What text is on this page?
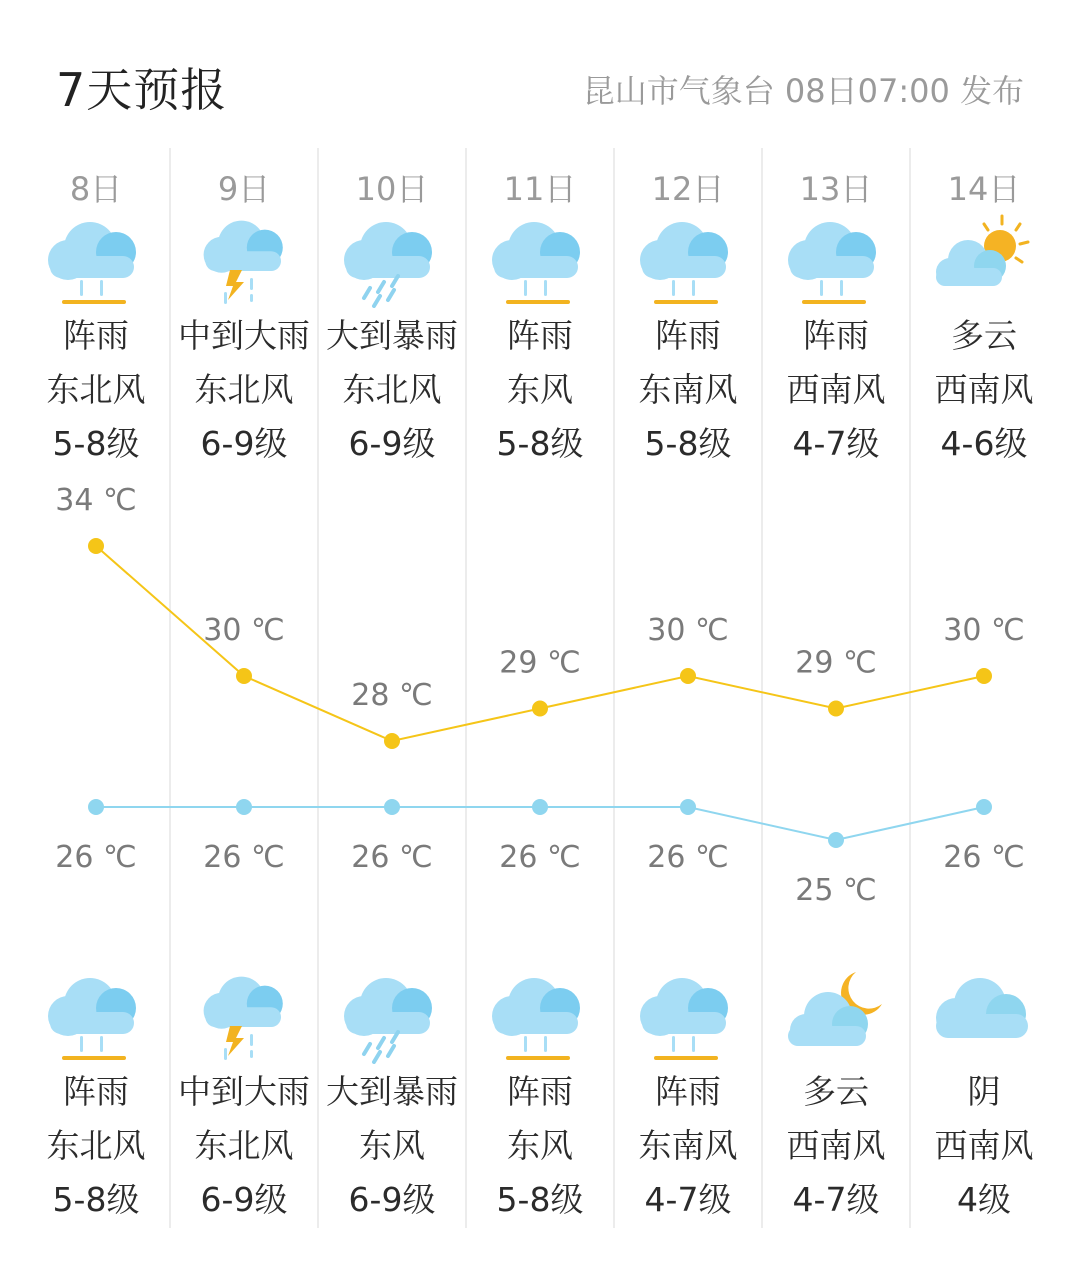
7天预报	昆山市气象台 08日07:00 发布
8日
阵雨
东北风
5-8级
阵雨
东北风
5-8级
9日
中到大雨
东北风
6-9级
中到大雨
东北风
6-9级
10日
大到暴雨
东北风
6-9级
大到暴雨
东风
6-9级
11日
阵雨
东风
5-8级
阵雨
东风
5-8级
12日
阵雨
东南风
5-8级
阵雨
东南风
4-7级
13日
阵雨
西南风
4-7级
多云
西南风
4-7级
14日
多云
西南风
4-6级
阴
西南风
4级
34 ℃
30 ℃
28 ℃
29 ℃
30 ℃
29 ℃
30 ℃
26 ℃ 26 ℃ 26 ℃ 26 ℃ 26 ℃
25 ℃
26 ℃
